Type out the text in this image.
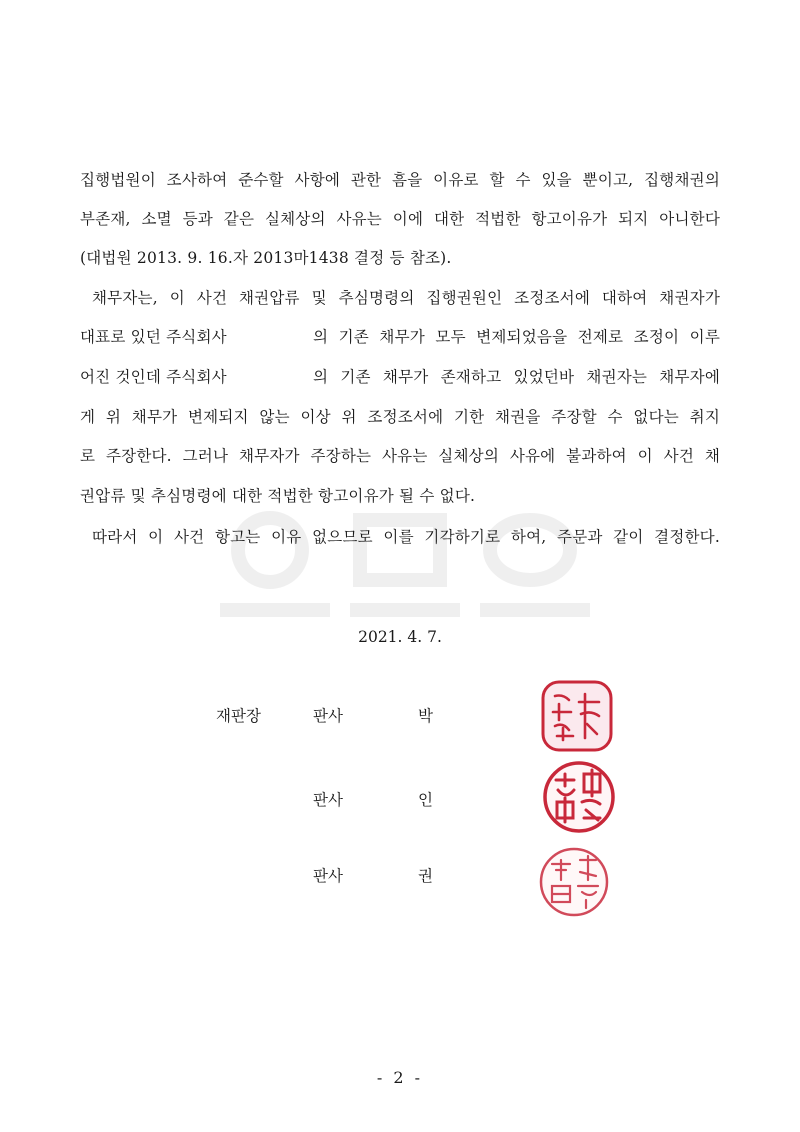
집행법원이 조사하여 준수할 사항에 관한 흠을 이유로 할 수 있을 뿐이고, 집행채권의
부존재, 소멸 등과 같은 실체상의 사유는 이에 대한 적법한 항고이유가 되지 아니한다
(대법원 2013. 9. 16.자 2013마1438 결정 등 참조).
채무자는, 이 사건 채권압류 및 추심명령의 집행권원인 조정조서에 대하여 채권자가
대표로 있던 주식회사	의 기존 채무가 모두 변제되었음을 전제로 조정이 이루
어진 것인데 주식회사	의 기존 채무가 존재하고 있었던바 채권자는 채무자에
게 위 채무가 변제되지 않는 이상 위 조정조서에 기한 채권을 주장할 수 없다는 취지
로 주장한다. 그러나 채무자가 주장하는 사유는 실체상의 사유에 불과하여 이 사건 채
권압류 및 추심명령에 대한 적법한 항고이유가 될 수 없다.
따라서 이 사건 항고는 이유 없으므로 이를 기각하기로 하여, 주문과 같이 결정한다.
2021. 4. 7.
재판장	판사	박
판사	인
판사	권
- 2 -
